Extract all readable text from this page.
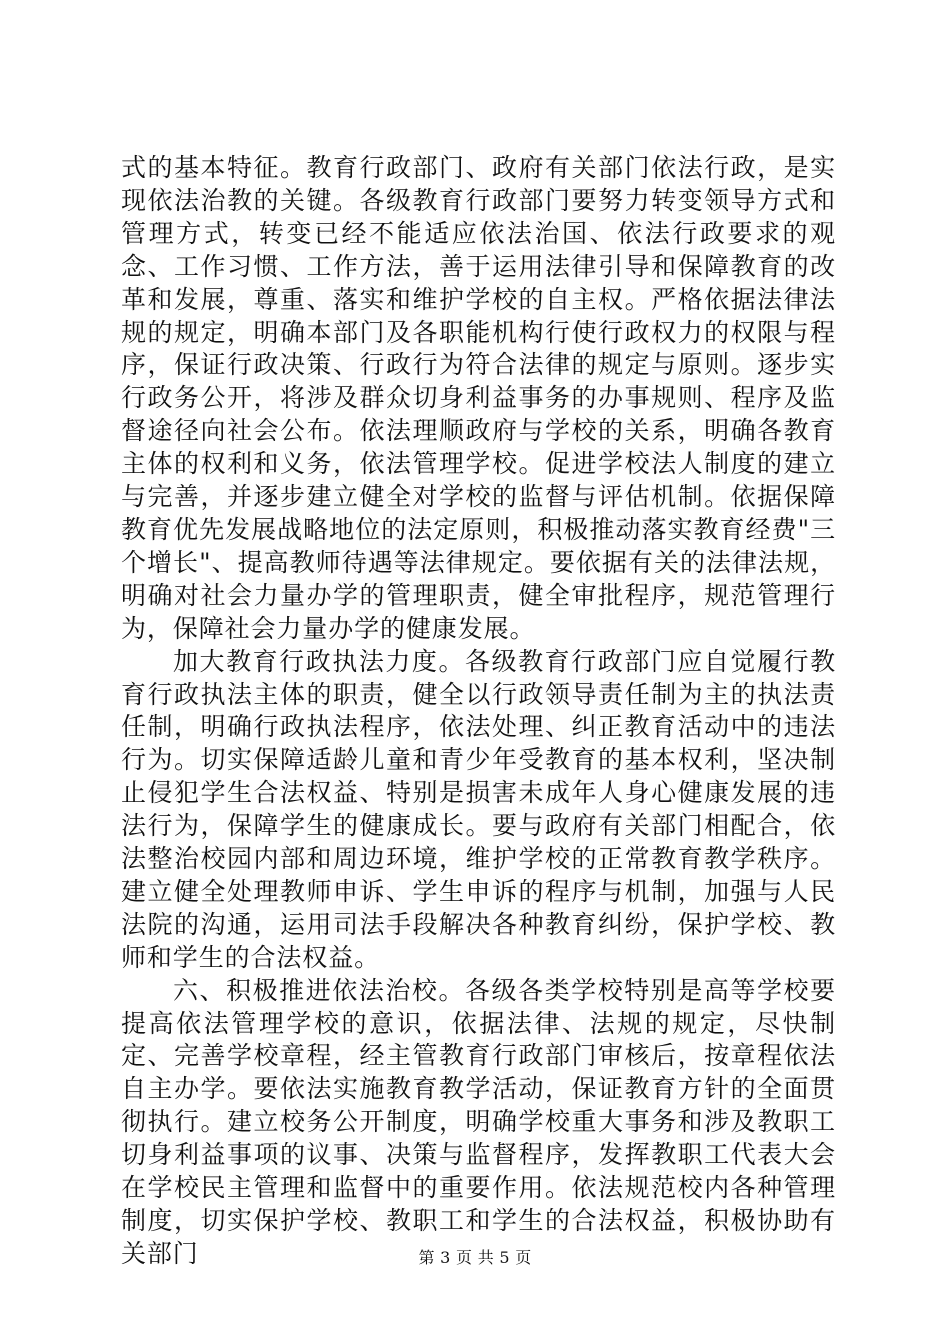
式的基本特征。教育行政部门、政府有关部门依法行政，是实现依法治教的关键。各级教育行政部门要努力转变领导方式和管理方式，转变已经不能适应依法治国、依法行政要求的观念、工作习惯、工作方法，善于运用法律引导和保障教育的改革和发展，尊重、落实和维护学校的自主权。严格依据法律法规的规定，明确本部门及各职能机构行使行政权力的权限与程序，保证行政决策、行政行为符合法律的规定与原则。逐步实行政务公开，将涉及群众切身利益事务的办事规则、程序及监督途径向社会公布。依法理顺政府与学校的关系，明确各教育主体的权利和义务，依法管理学校。促进学校法人制度的建立与完善，并逐步建立健全对学校的监督与评估机制。依据保障教育优先发展战略地位的法定原则，积极推动落实教育经费"三个增长"、提高教师待遇等法律规定。要依据有关的法律法规，明确对社会力量办学的管理职责，健全审批程序，规范管理行为，保障社会力量办学的健康发展。

加大教育行政执法力度。各级教育行政部门应自觉履行教育行政执法主体的职责，健全以行政领导责任制为主的执法责任制，明确行政执法程序，依法处理、纠正教育活动中的违法行为。切实保障适龄儿童和青少年受教育的基本权利，坚决制止侵犯学生合法权益、特别是损害未成年人身心健康发展的违法行为，保障学生的健康成长。要与政府有关部门相配合，依法整治校园内部和周边环境，维护学校的正常教育教学秩序。建立健全处理教师申诉、学生申诉的程序与机制，加强与人民法院的沟通，运用司法手段解决各种教育纠纷，保护学校、教师和学生的合法权益。

六、积极推进依法治校。各级各类学校特别是高等学校要提高依法管理学校的意识，依据法律、法规的规定，尽快制定、完善学校章程，经主管教育行政部门审核后，按章程依法自主办学。要依法实施教育教学活动，保证教育方针的全面贯彻执行。建立校务公开制度，明确学校重大事务和涉及教职工切身利益事项的议事、决策与监督程序，发挥教职工代表大会在学校民主管理和监督中的重要作用。依法规范校内各种管理制度，切实保护学校、教职工和学生的合法权益，积极协助有关部门	第 3 页 共 5 页
